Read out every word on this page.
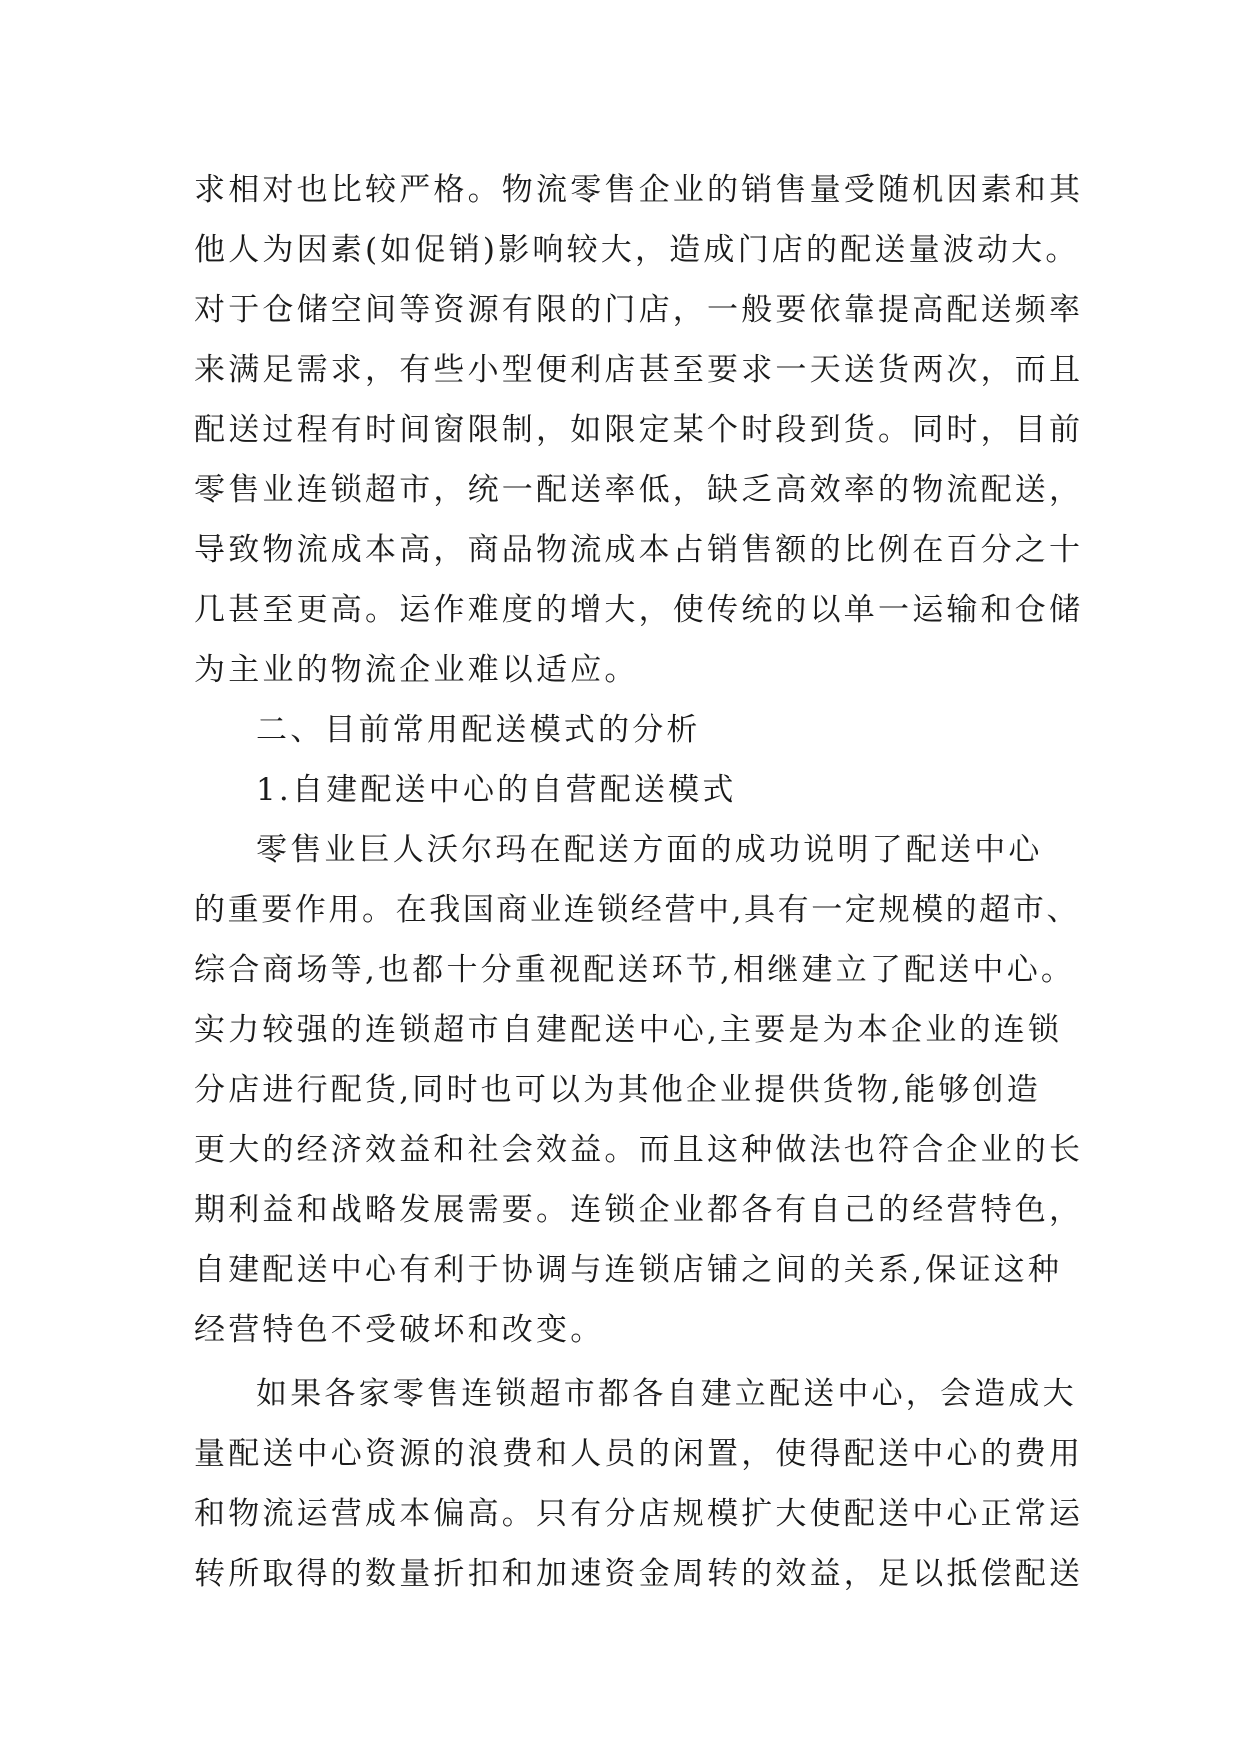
求相对也比较严格。物流零售企业的销售量受随机因素和其
他人为因素(如促销)影响较大，造成门店的配送量波动大。
对于仓储空间等资源有限的门店，一般要依靠提高配送频率
来满足需求，有些小型便利店甚至要求一天送货两次，而且
配送过程有时间窗限制，如限定某个时段到货。同时，目前
零售业连锁超市，统一配送率低，缺乏高效率的物流配送，
导致物流成本高，商品物流成本占销售额的比例在百分之十
几甚至更高。运作难度的增大，使传统的以单一运输和仓储
为主业的物流企业难以适应。
二、目前常用配送模式的分析
1.自建配送中心的自营配送模式
零售业巨人沃尔玛在配送方面的成功说明了配送中心
的重要作用。在我国商业连锁经营中,具有一定规模的超市、
综合商场等,也都十分重视配送环节,相继建立了配送中心。
实力较强的连锁超市自建配送中心,主要是为本企业的连锁
分店进行配货,同时也可以为其他企业提供货物,能够创造
更大的经济效益和社会效益。而且这种做法也符合企业的长
期利益和战略发展需要。连锁企业都各有自己的经营特色，
自建配送中心有利于协调与连锁店铺之间的关系,保证这种
经营特色不受破坏和改变。
如果各家零售连锁超市都各自建立配送中心，会造成大
量配送中心资源的浪费和人员的闲置，使得配送中心的费用
和物流运营成本偏高。只有分店规模扩大使配送中心正常运
转所取得的数量折扣和加速资金周转的效益，足以抵偿配送
